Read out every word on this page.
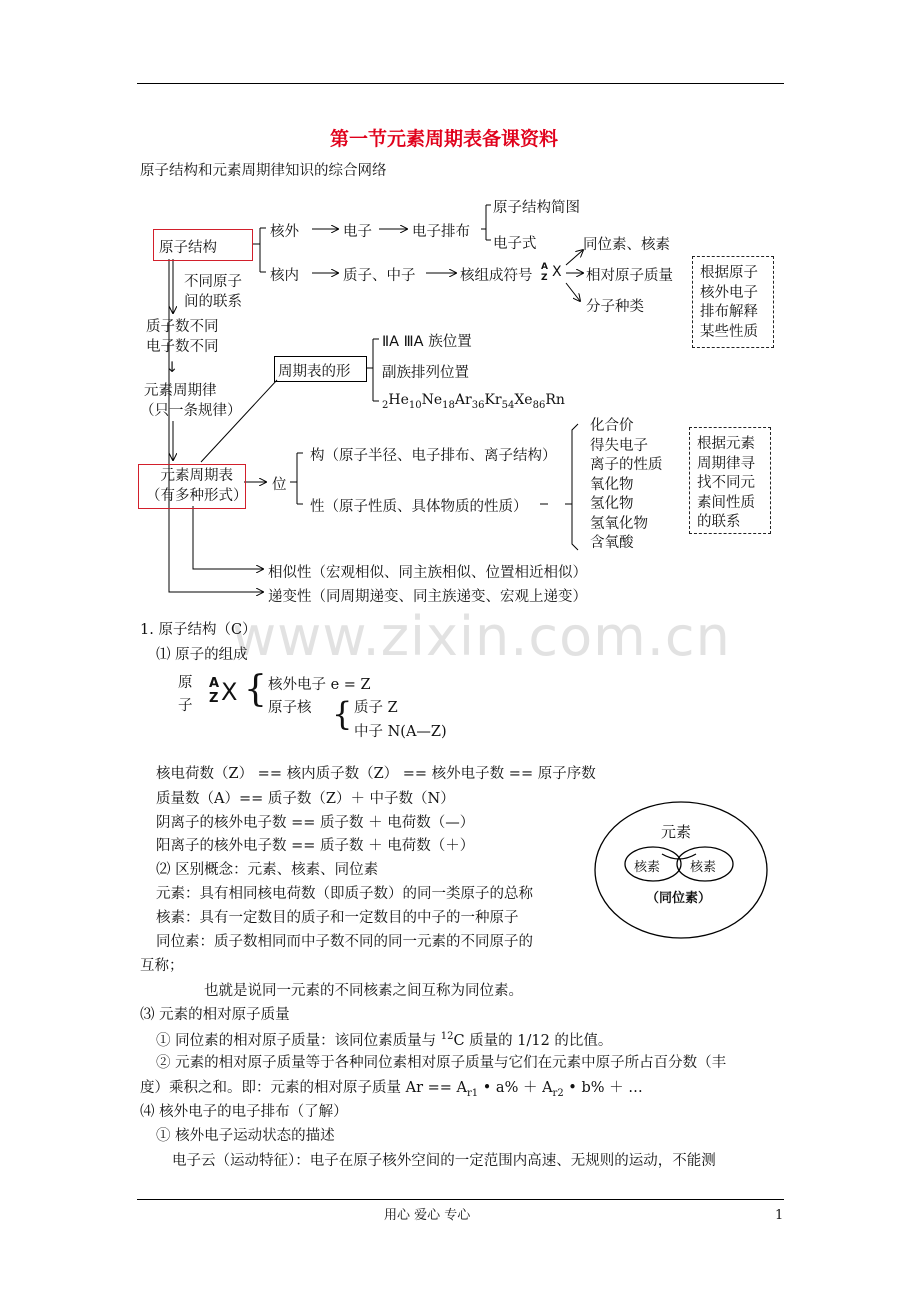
第一节元素周期表备课资料
原子结构和元素周期律知识的综合网络
原子结构
核外	电子	电子排布
原子结构简图
电子式
核内	质子、中子	核组成符号
A
Z X
同位素、核素
相对原子质量
分子种类
根据原子
核外电子
排布解释
某些性质
不同原子
间的联系
质子数不同
电子数不同
↓
元素周期律
（只一条规律）
周期表的形
ⅡA ⅢA 族位置
副族排列位置
$_2He_{10}Ne_{18}Ar_{36}Kr_{54}Xe_{86}Rn$
元素周期表
（有多种形式）
位
构（原子半径、电子排布、离子结构）
性（原子性质、具体物质的性质）
化合价
得失电子
离子的性质
氧化物
氢化物
氢氧化物
含氧酸
根据元素
周期律寻
找不同元
素间性质
的联系
相似性（宏观相似、同主族相似、位置相近相似）
递变性（同周期递变、同主族递变、宏观上递变）
www.zixin.com.cn
1. 原子结构（C）
⑴ 原子的组成
原
子
A
Z X { 核外电子 e = Z
原子核 { 质子 Z
中子 N(A—Z)
核电荷数（Z） == 核内质子数（Z） == 核外电子数 == 原子序数
质量数（A）== 质子数（Z）＋ 中子数（N）
阴离子的核外电子数 == 质子数 ＋ 电荷数（—）
阳离子的核外电子数 == 质子数 ＋ 电荷数（＋）
⑵ 区别概念：元素、核素、同位素
元素：具有相同核电荷数（即质子数）的同一类原子的总称
核素：具有一定数目的质子和一定数目的中子的一种原子
同位素：质子数相同而中子数不同的同一元素的不同原子的
互称；
也就是说同一元素的不同核素之间互称为同位素。
元素
核素 核素
（同位素）
⑶ 元素的相对原子质量
① 同位素的相对原子质量：该同位素质量与 $^{12}$C 质量的 1/12 的比值。
② 元素的相对原子质量等于各种同位素相对原子质量与它们在元素中原子所占百分数（丰
度）乘积之和。即：元素的相对原子质量 $Ar == A_{r1}$ • $a\% + A_{r2}$ • b% ＋ …
⑷ 核外电子的电子排布（了解）
① 核外电子运动状态的描述
电子云（运动特征）：电子在原子核外空间的一定范围内高速、无规则的运动，不能测
用心 爱心 专心	1
